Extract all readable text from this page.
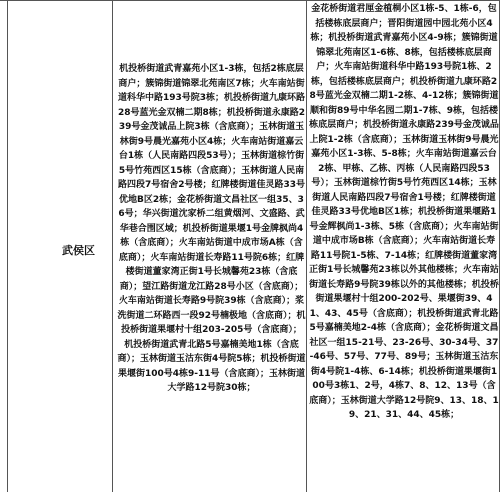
武侯区
机投桥街道武青嘉苑小区1-3栋，包括2栋底层商户；簇锦街道锦翠北苑南区7栋；火车南站街道科华中路193号院3栋；机投桥街道九康环路28号蓝光金双楠二期8栋；机投桥街道永康路239号金茂诚品上院3栋（含底商）；玉林街道玉林街9号晨光嘉苑小区4栋；火车南站街道嘉云台1栋（人民南路四段53号）；玉林街道棕竹街5号竹苑西区15栋（含底商）；玉林街道人民南路四段7号宿舍2号楼；红牌楼街道佳灵路33号优地B区2栋；金花桥街道文昌社区一组35、36号；华兴街道沈家桥二组黄烟河、文盛路、武华巷合围区域；机投桥街道果堰1号金牌枫尚4栋（含底商）；火车南站街道中成市场A栋（含底商）；火车南站街道长寿路11号院6栋；红牌楼街道董家湾正街1号长城馨苑23栋（含底商）；望江路街道龙江路28号小区（含底商）；火车南站街道长寿路9号院39栋（含底商）；浆洗街道二环路西一段92号楠极地（含底商）；机投桥街道果堰村十组203-205号（含底商）；机投桥街道武青北路5号嘉楠美地1栋（含底商）；玉林街道玉沽东街4号院5栋；机投桥街道果堰街100号4栋9-11号（含底商）；玉林街道大学路12号院30栋；
金花桥街道君厘金植桐小区1栋-5、1栋-6，包括楼栋底层商户；晋阳街道园中园北苑小区4栋；机投桥街道武青嘉苑小区4-9栋；簇锦街道锦翠北苑南区1-6栋、8栋，包括楼栋底层商户；火车南站街道科华中路193号院1栋、2栋，包括楼栋底层商户；机投桥街道九康环路28号蓝光金双楠二期1-2栋、4-12栋；簇锦街道顺和街89号中华名园二期1-7栋、9栋，包括楼栋底层商户；机投桥街道永康路239号金茂诚品上院1-2栋（含底商）；玉林街道玉林街9号晨光嘉苑小区1-3栋、5-8栋；火车南站街道嘉云台2栋、甲栋、乙栋、丙栋（人民南路四段53号）；玉林街道棕竹街5号竹苑西区14栋；玉林街道人民南路四段7号宿舍1号楼；红牌楼街道佳灵路33号优地B区1栋；机投桥街道果堰路1号金辉枫尚1-3栋、5栋（含底商）；火车南站街道中成市场B栋（含底商）；火车南站街道长寿路11号院1-5栋、7-14栋；红牌楼街道董家湾正街1号长城馨苑23栋以外其他楼栋；火车南站街道长寿路9号院39栋以外的其他楼栋；机投桥街道果堰村十组200-202号、果堰街39、41、43、45号（含底商）；机投桥街道武青北路5号嘉楠美地2-4栋（含底商）；金花桥街道文昌社区一组15-21号、23-26号、30-34号、37-46号、57号、77号、89号；玉林街道玉沽东街4号院1-4栋、6-14栋；机投桥街道果堰街100号3栋1、2号，4栋7、8、12、13号（含底商）；玉林街道大学路12号院9、13、18、19、21、31、44、45栋；
